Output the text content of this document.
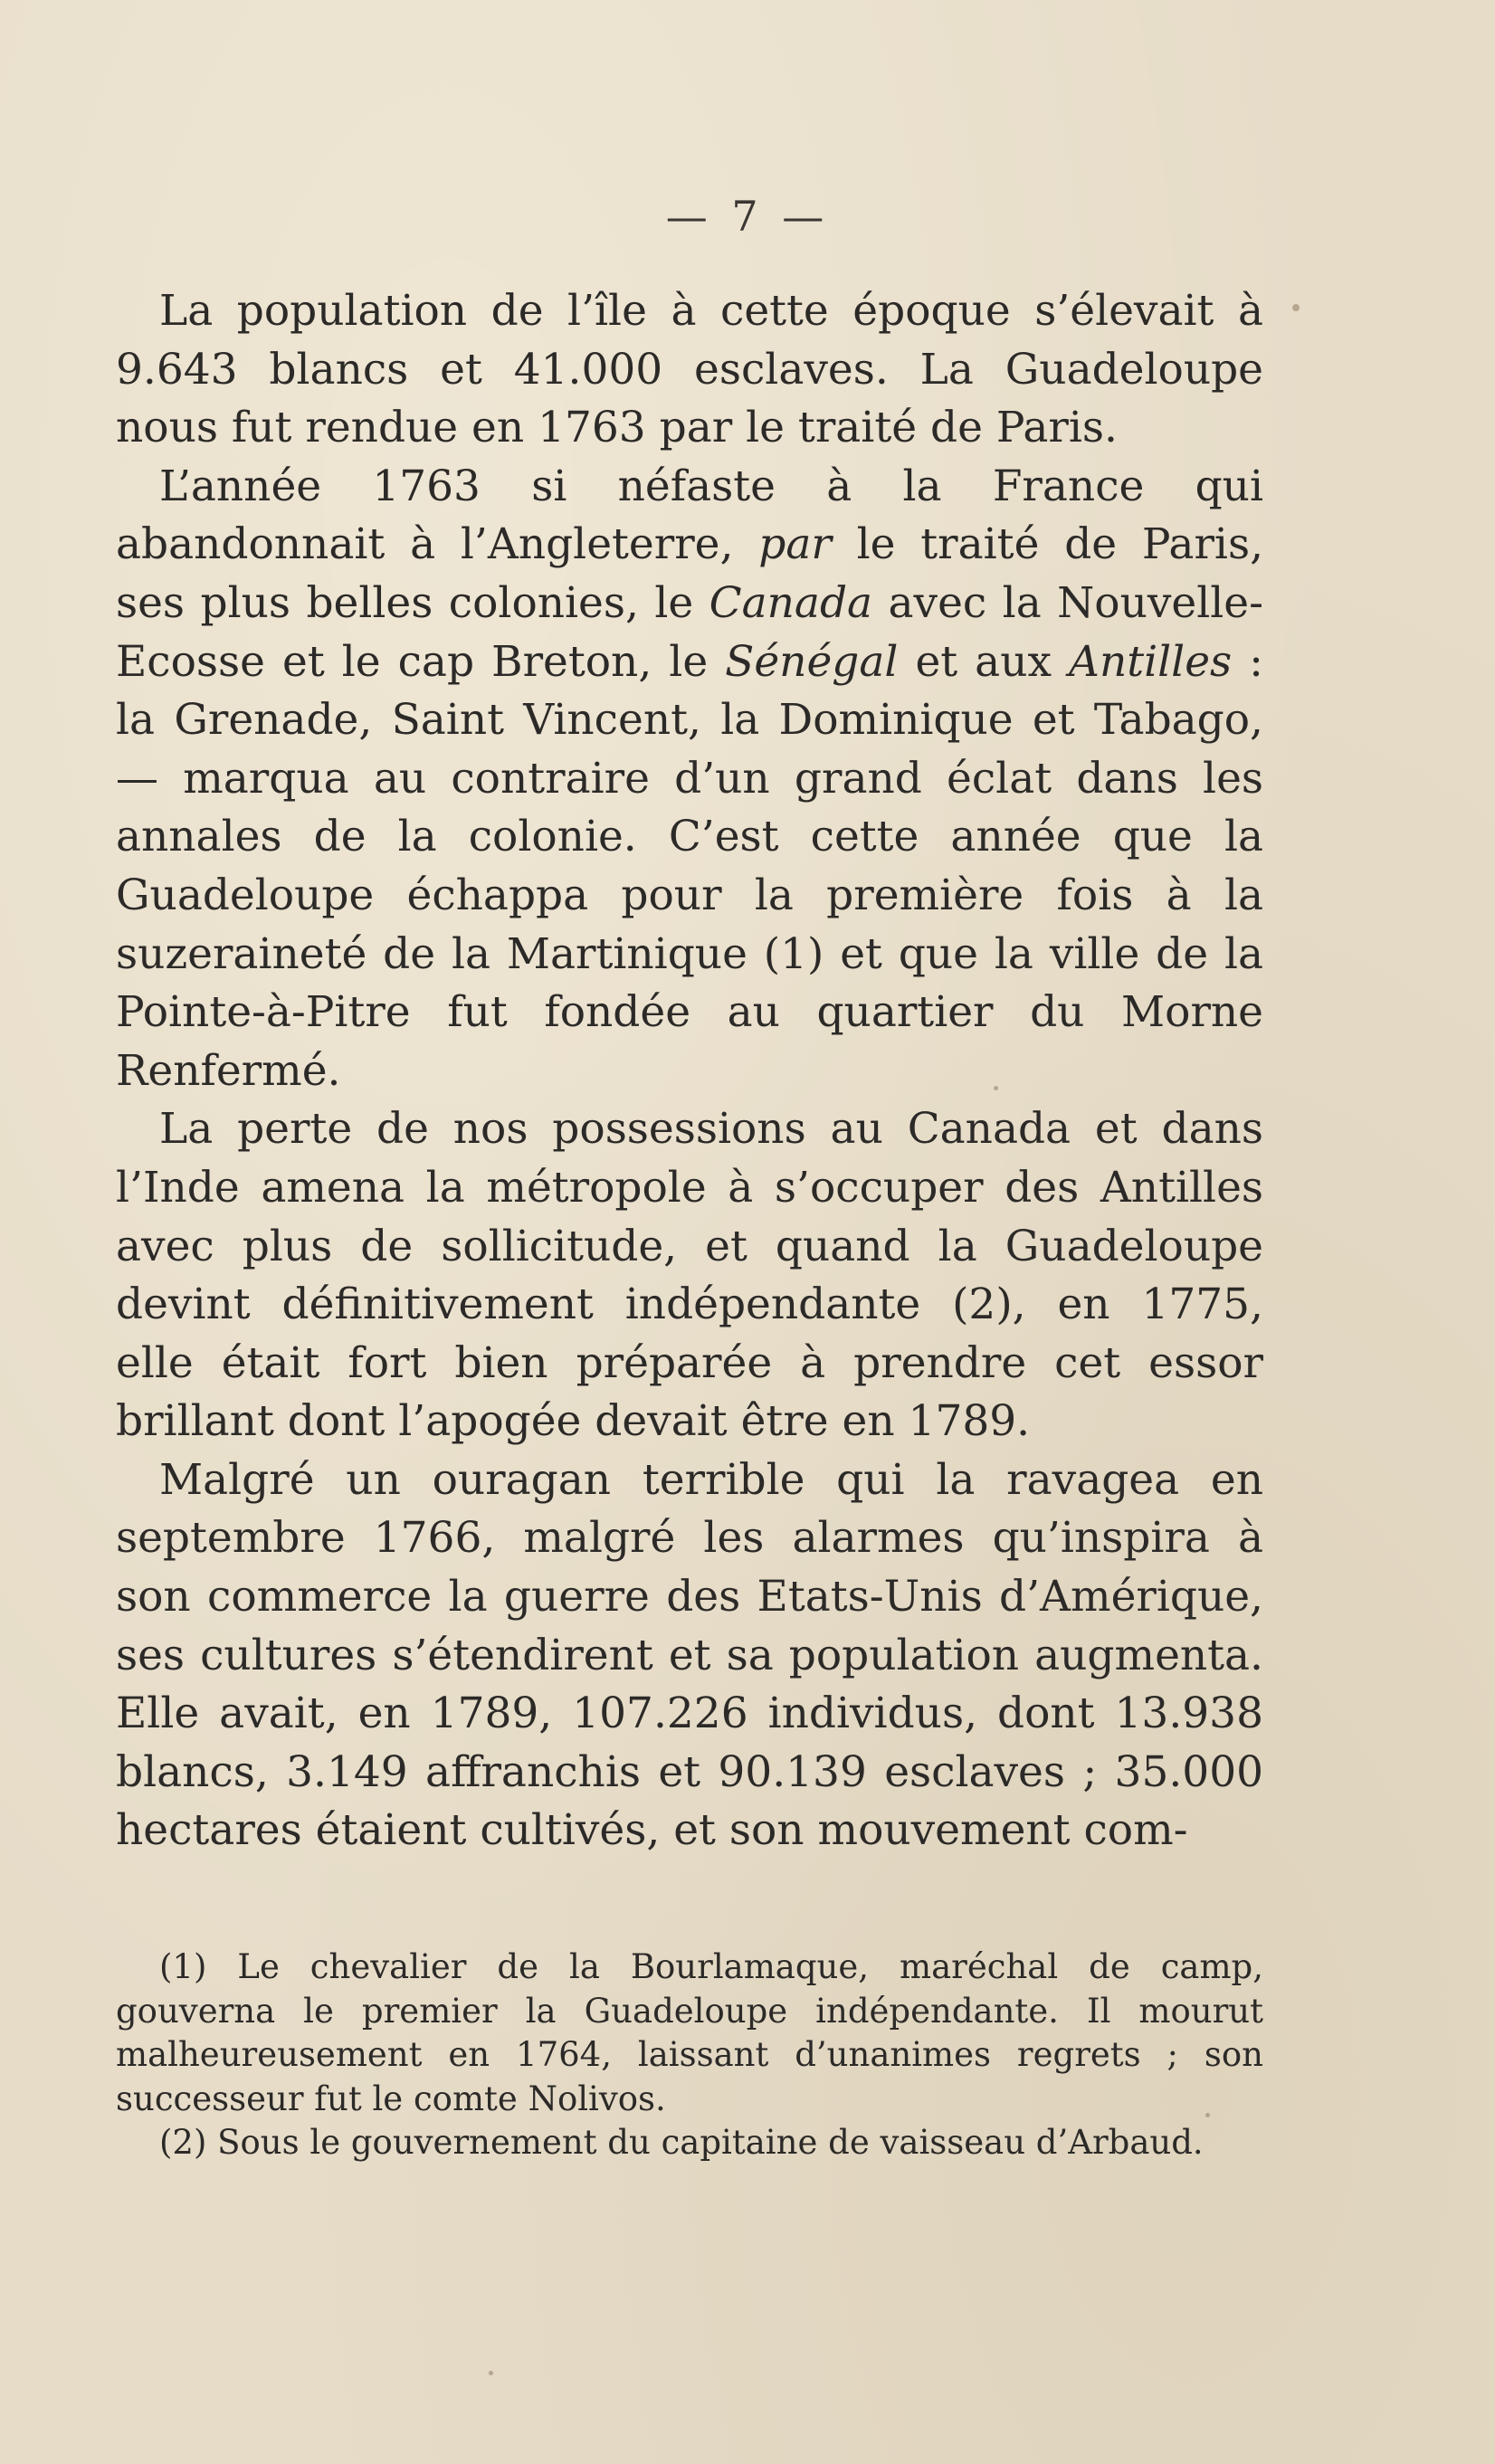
— 7 —

La population de l’île à cette époque s’élevait à 9.643 blancs et 41.000 esclaves. La Guadeloupe nous fut rendue en 1763 par le traité de Paris.

L’année 1763 si néfaste à la France qui abandonnait à l’Angleterre, par le traité de Paris, ses plus belles colonies, le Canada avec la Nouvelle-Ecosse et le cap Breton, le Sénégal et aux Antilles : la Grenade, Saint Vincent, la Dominique et Tabago, — marqua au contraire d’un grand éclat dans les annales de la colonie. C’est cette année que la Guadeloupe échappa pour la première fois à la suzeraineté de la Martinique (1) et que la ville de la Pointe-à-Pitre fut fondée au quartier du Morne Renfermé.

La perte de nos possessions au Canada et dans l’Inde amena la métropole à s’occuper des Antilles avec plus de sollicitude, et quand la Guadeloupe devint définitivement indépendante (2), en 1775, elle était fort bien préparée à prendre cet essor brillant dont l’apogée devait être en 1789.

Malgré un ouragan terrible qui la ravagea en septembre 1766, malgré les alarmes qu’inspira à son commerce la guerre des Etats-Unis d’Amérique, ses cultures s’étendirent et sa population augmenta. Elle avait, en 1789, 107.226 individus, dont 13.938 blancs, 3.149 affranchis et 90.139 esclaves ; 35.000 hectares étaient cultivés, et son mouvement com-

(1) Le chevalier de la Bourlamaque, maréchal de camp, gouverna le premier la Guadeloupe indépendante. Il mourut malheureusement en 1764, laissant d’unanimes regrets ; son successeur fut le comte Nolivos.

(2) Sous le gouvernement du capitaine de vaisseau d’Arbaud.
